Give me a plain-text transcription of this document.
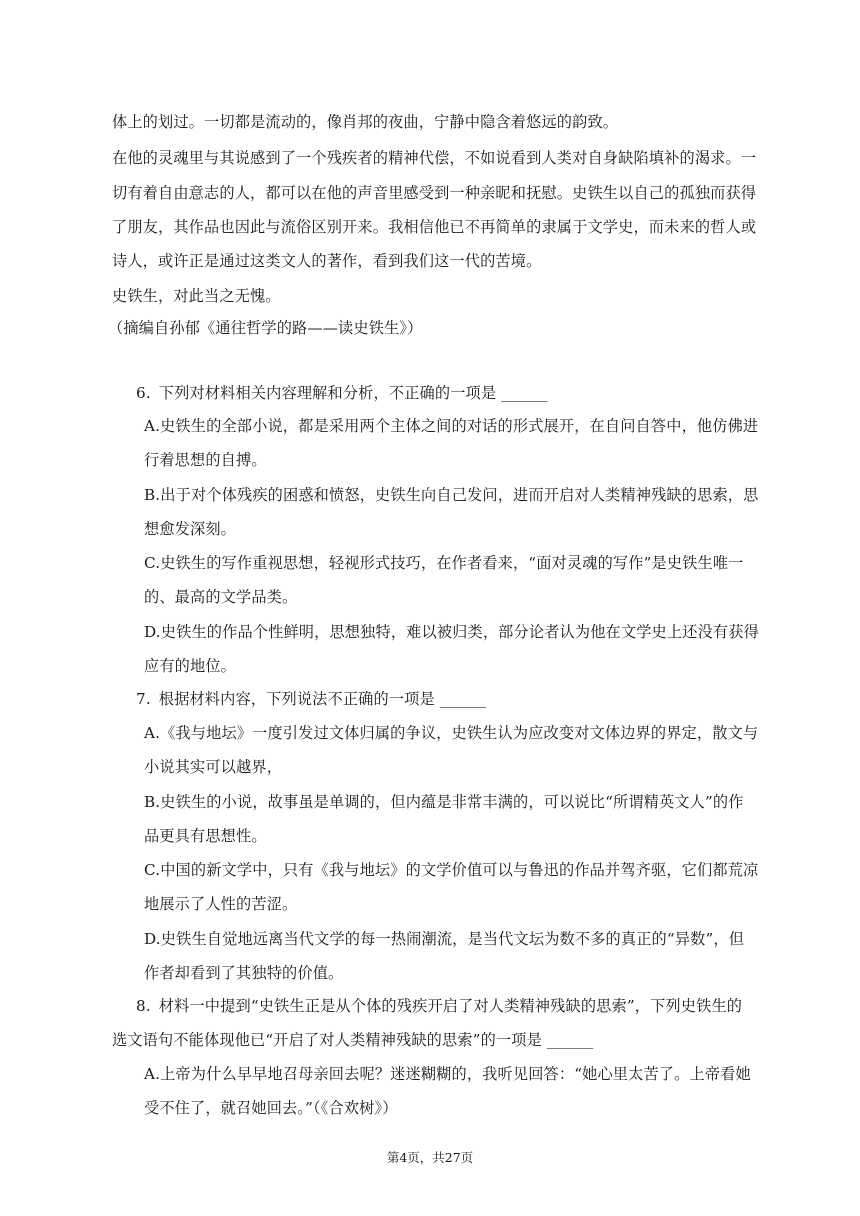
体上的划过。一切都是流动的，像肖邦的夜曲，宁静中隐含着悠远的韵致。
在他的灵魂里与其说感到了一个残疾者的精神代偿，不如说看到人类对自身缺陷填补的渴求。一
切有着自由意志的人，都可以在他的声音里感受到一种亲昵和抚慰。史铁生以自己的孤独而获得
了朋友，其作品也因此与流俗区别开来。我相信他已不再简单的隶属于文学史，而未来的哲人或
诗人，或许正是通过这类文人的著作，看到我们这一代的苦境。
史铁生，对此当之无愧。
（摘编自孙郁《通往哲学的路——读史铁生》）
6. 下列对材料相关内容理解和分析，不正确的一项是 ______
A.史铁生的全部小说，都是采用两个主体之间的对话的形式展开，在自问自答中，他仿佛进
行着思想的自搏。
B.出于对个体残疾的困惑和愤怒，史铁生向自己发问，进而开启对人类精神残缺的思索，思
想愈发深刻。
C.史铁生的写作重视思想，轻视形式技巧，在作者看来，“面对灵魂的写作”是史铁生唯一
的、最高的文学品类。
D.史铁生的作品个性鲜明，思想独特，难以被归类，部分论者认为他在文学史上还没有获得
应有的地位。
7. 根据材料内容，下列说法不正确的一项是 ______
A.《我与地坛》一度引发过文体归属的争议，史铁生认为应改变对文体边界的界定，散文与
小说其实可以越界，
B.史铁生的小说，故事虽是单调的，但内蕴是非常丰满的，可以说比“所谓精英文人”的作
品更具有思想性。
C.中国的新文学中，只有《我与地坛》的文学价值可以与鲁迅的作品并驾齐驱，它们都荒凉
地展示了人性的苦涩。
D.史铁生自觉地远离当代文学的每一热闹潮流，是当代文坛为数不多的真正的“异数”，但
作者却看到了其独特的价值。
8. 材料一中提到“史铁生正是从个体的残疾开启了对人类精神残缺的思索”，下列史铁生的
选文语句不能体现他已“开启了对人类精神残缺的思索”的一项是 ______
A.上帝为什么早早地召母亲回去呢？迷迷糊糊的，我听见回答：“她心里太苦了。上帝看她
受不住了，就召她回去。”（《合欢树》）
第4页，共27页
